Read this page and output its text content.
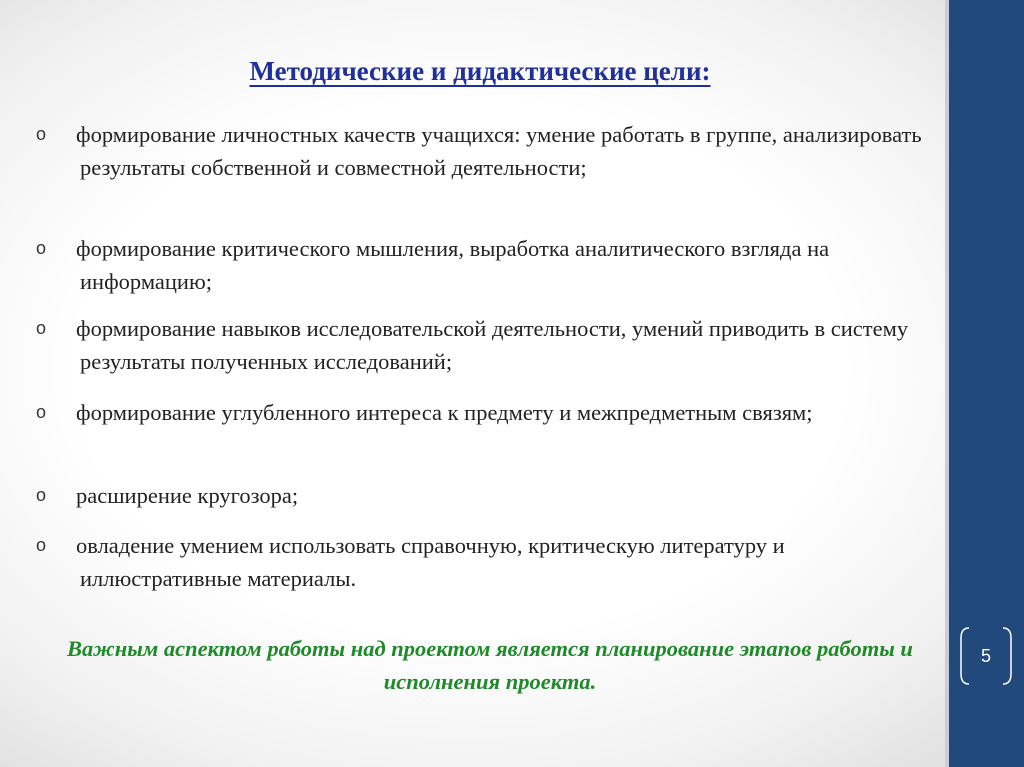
5
Методические и дидактические цели:
o формирование личностных качеств учащихся: умение работать в группе, анализировать результаты собственной и совместной деятельности;
o формирование критического мышления, выработка аналитического взгляда на информацию;
o формирование навыков исследовательской деятельности, умений приводить в систему результаты полученных исследований;
o формирование углубленного интереса к предмету и межпредметным связям;
o расширение кругозора;
o овладение умением использовать справочную, критическую литературу и иллюстративные материалы.
Важным аспектом работы над проектом является планирование этапов работы и исполнения проекта.
